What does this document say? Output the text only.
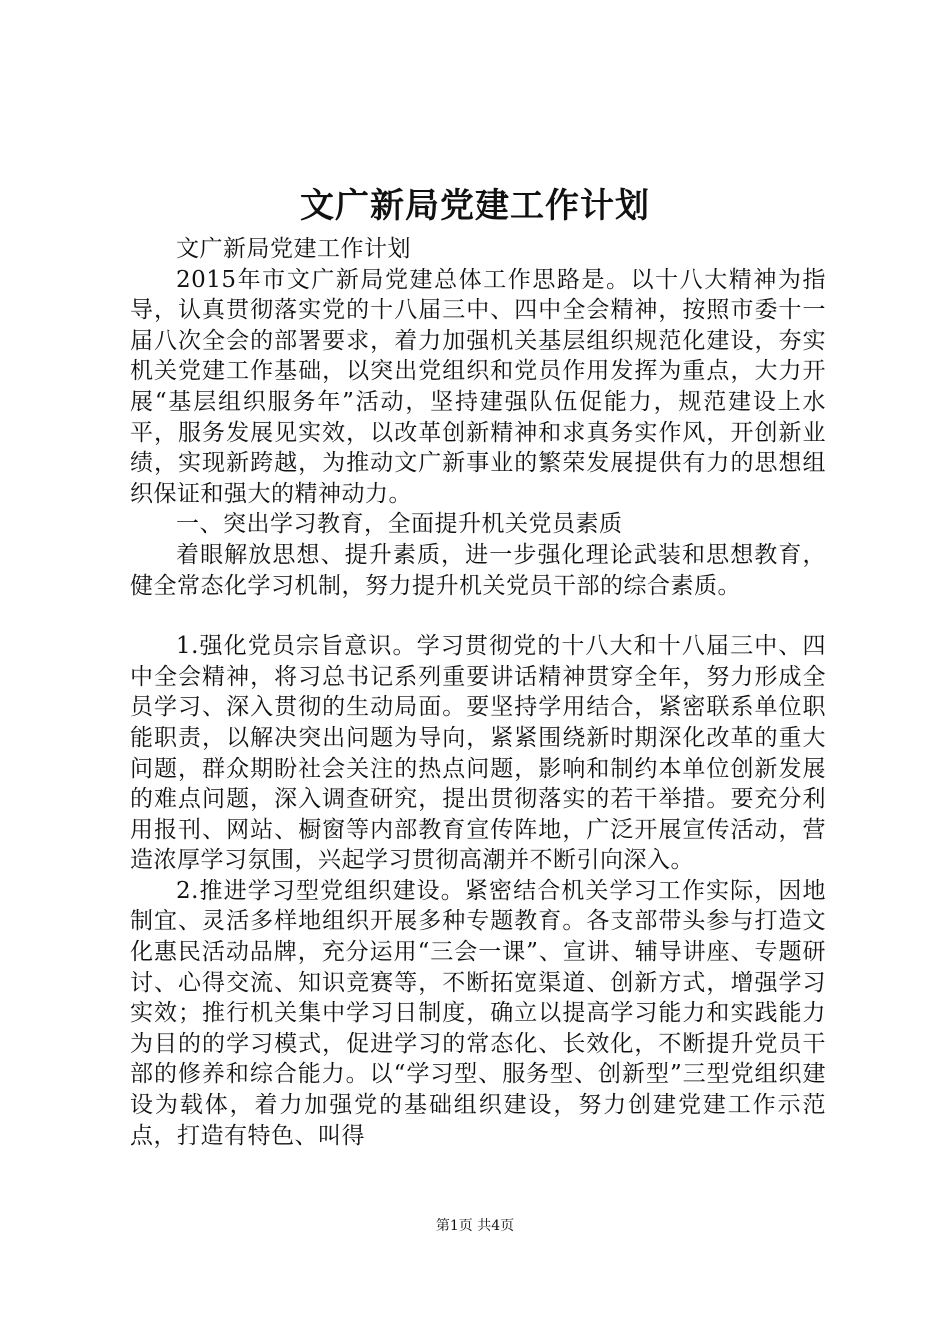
文广新局党建工作计划

文广新局党建工作计划

2015年市文广新局党建总体工作思路是。以十八大精神为指导，认真贯彻落实党的十八届三中、四中全会精神，按照市委十一届八次全会的部署要求，着力加强机关基层组织规范化建设，夯实机关党建工作基础，以突出党组织和党员作用发挥为重点，大力开展“基层组织服务年”活动，坚持建强队伍促能力，规范建设上水平，服务发展见实效，以改革创新精神和求真务实作风，开创新业绩，实现新跨越，为推动文广新事业的繁荣发展提供有力的思想组织保证和强大的精神动力。

一、突出学习教育，全面提升机关党员素质

着眼解放思想、提升素质，进一步强化理论武装和思想教育，健全常态化学习机制，努力提升机关党员干部的综合素质。

1.强化党员宗旨意识。学习贯彻党的十八大和十八届三中、四中全会精神，将习总书记系列重要讲话精神贯穿全年，努力形成全员学习、深入贯彻的生动局面。要坚持学用结合，紧密联系单位职能职责，以解决突出问题为导向，紧紧围绕新时期深化改革的重大问题，群众期盼社会关注的热点问题，影响和制约本单位创新发展的难点问题，深入调查研究，提出贯彻落实的若干举措。要充分利用报刊、网站、橱窗等内部教育宣传阵地，广泛开展宣传活动，营造浓厚学习氛围，兴起学习贯彻高潮并不断引向深入。

2.推进学习型党组织建设。紧密结合机关学习工作实际，因地制宜、灵活多样地组织开展多种专题教育。各支部带头参与打造文化惠民活动品牌，充分运用“三会一课”、宣讲、辅导讲座、专题研讨、心得交流、知识竞赛等，不断拓宽渠道、创新方式，增强学习实效；推行机关集中学习日制度，确立以提高学习能力和实践能力为目的的学习模式，促进学习的常态化、长效化，不断提升党员干部的修养和综合能力。以“学习型、服务型、创新型”三型党组织建设为载体，着力加强党的基础组织建设，努力创建党建工作示范点，打造有特色、叫得

第1页 共4页
